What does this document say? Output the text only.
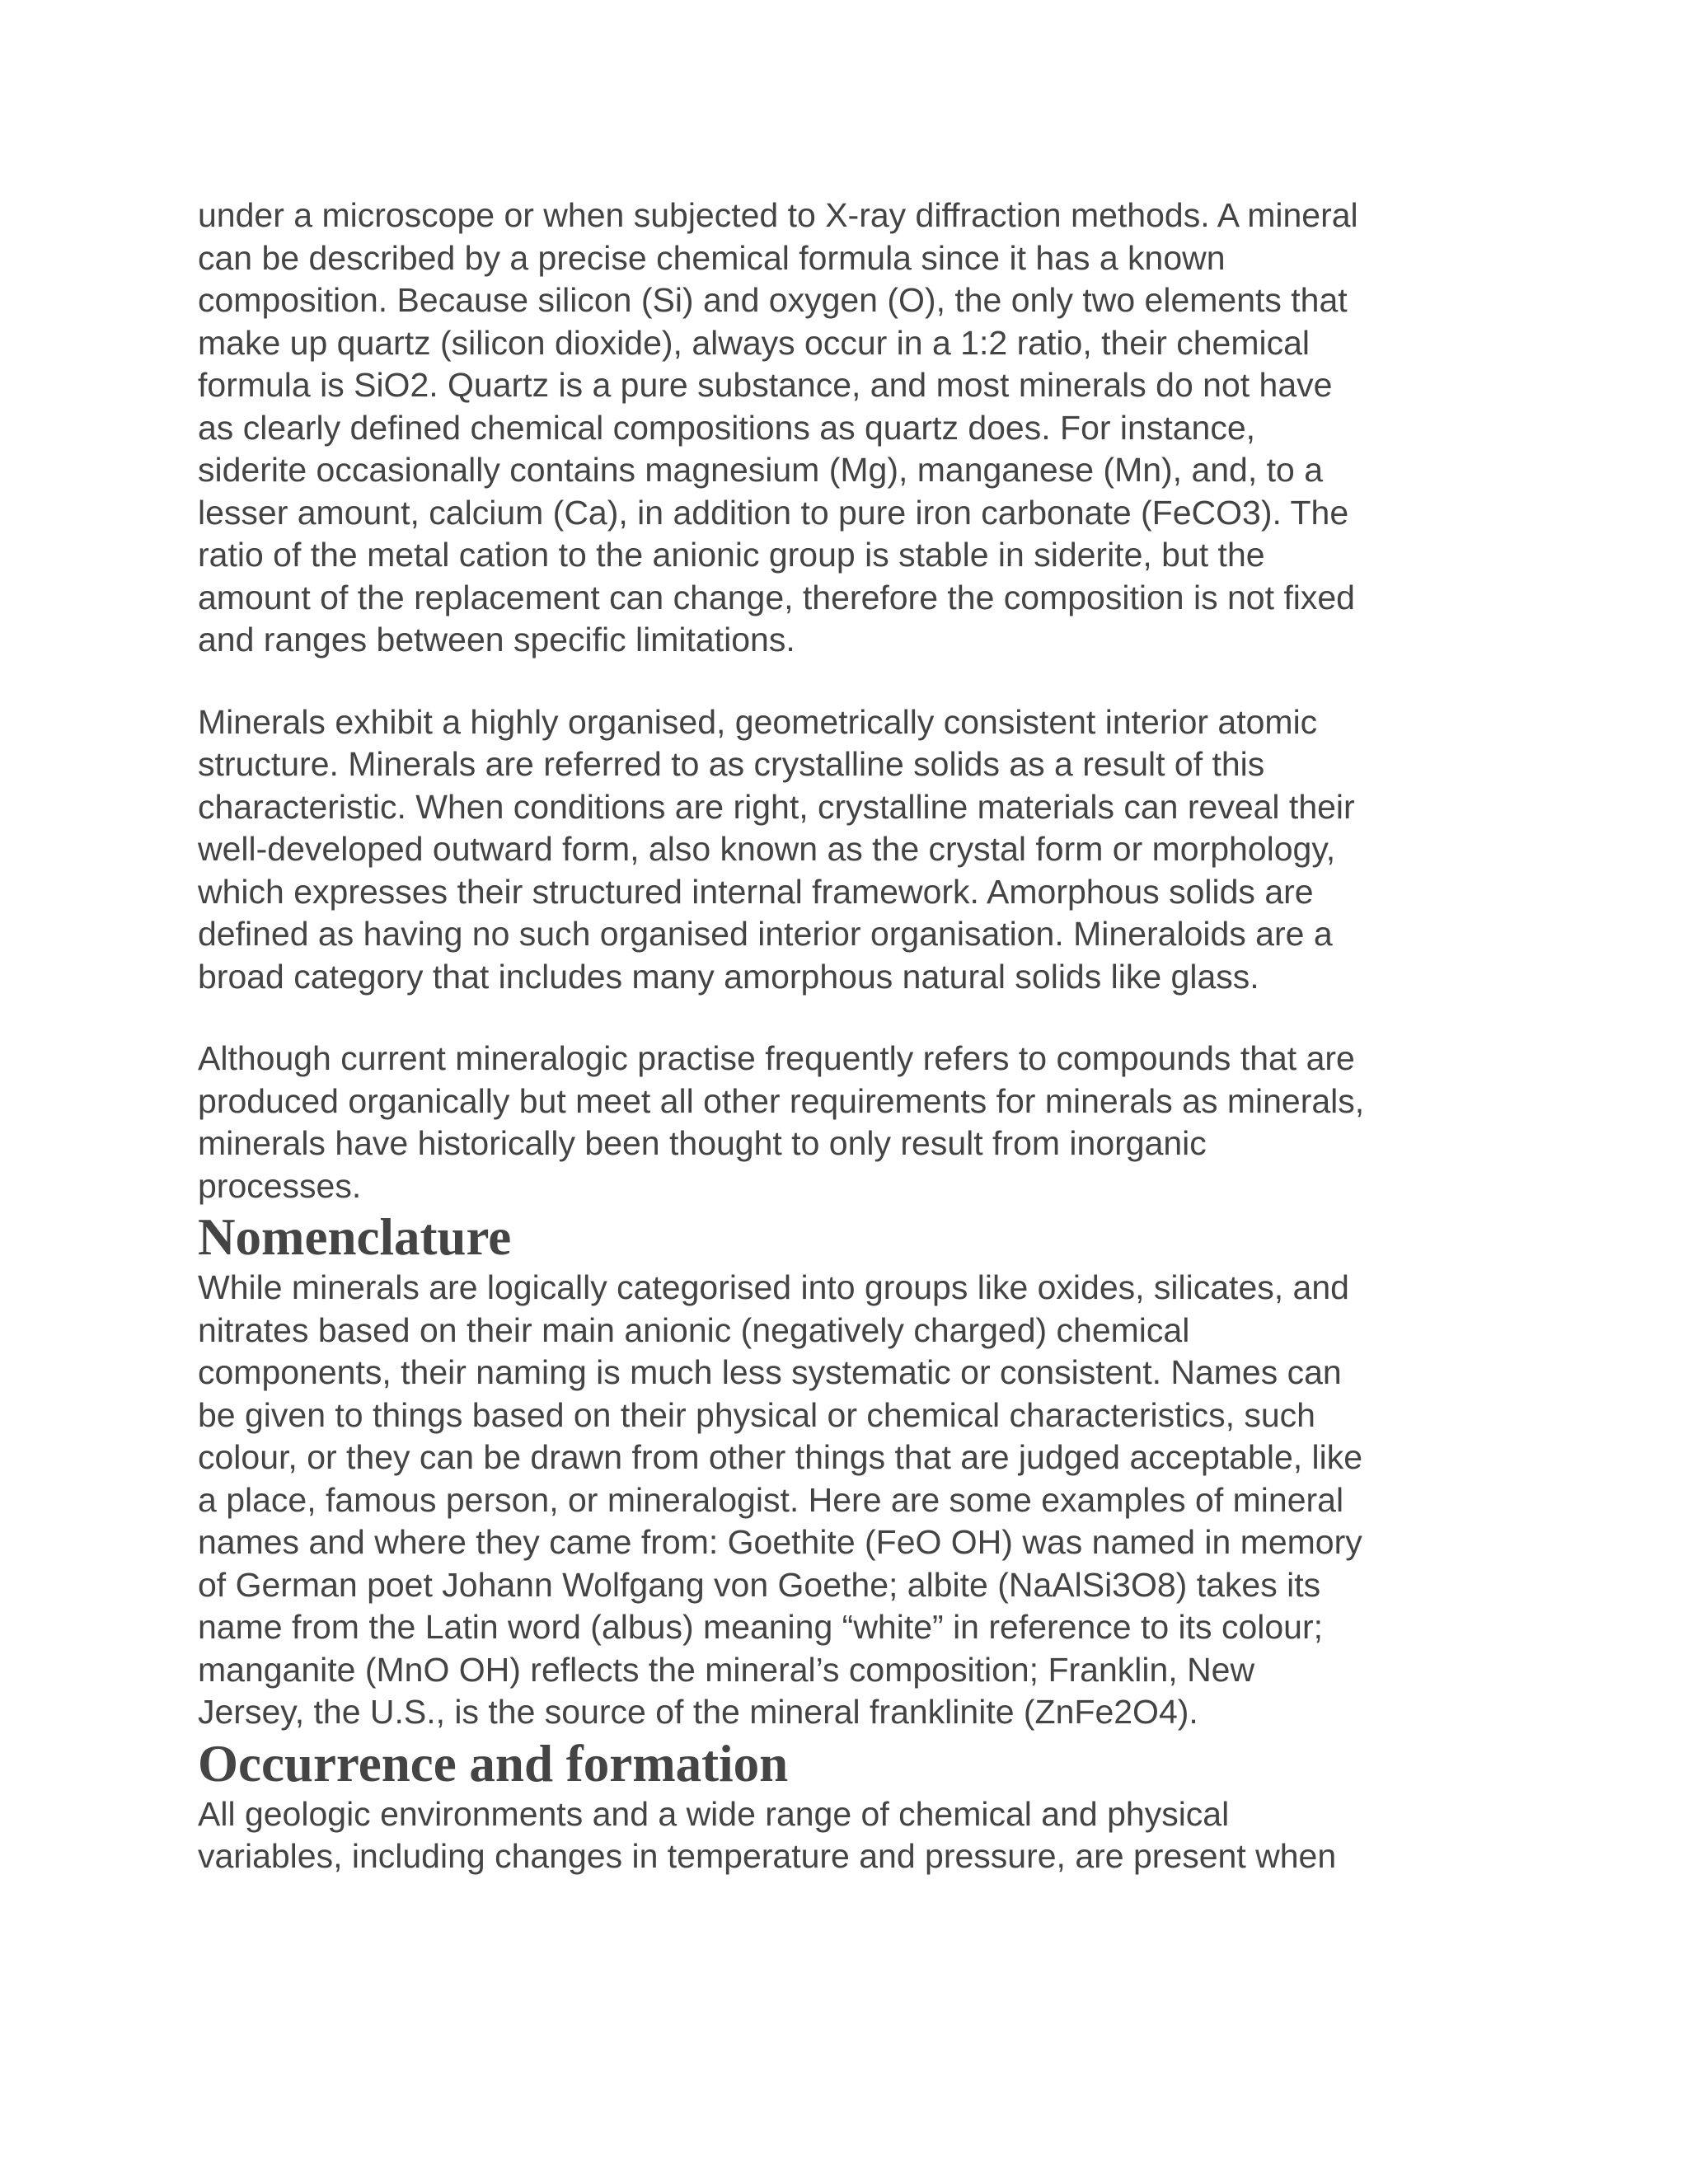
under a microscope or when subjected to X-ray diffraction methods. A mineral
can be described by a precise chemical formula since it has a known
composition. Because silicon (Si) and oxygen (O), the only two elements that
make up quartz (silicon dioxide), always occur in a 1:2 ratio, their chemical
formula is SiO2. Quartz is a pure substance, and most minerals do not have
as clearly defined chemical compositions as quartz does. For instance,
siderite occasionally contains magnesium (Mg), manganese (Mn), and, to a
lesser amount, calcium (Ca), in addition to pure iron carbonate (FeCO3). The
ratio of the metal cation to the anionic group is stable in siderite, but the
amount of the replacement can change, therefore the composition is not fixed
and ranges between specific limitations.

Minerals exhibit a highly organised, geometrically consistent interior atomic
structure. Minerals are referred to as crystalline solids as a result of this
characteristic. When conditions are right, crystalline materials can reveal their
well-developed outward form, also known as the crystal form or morphology,
which expresses their structured internal framework. Amorphous solids are
defined as having no such organised interior organisation. Mineraloids are a
broad category that includes many amorphous natural solids like glass.

Although current mineralogic practise frequently refers to compounds that are
produced organically but meet all other requirements for minerals as minerals,
minerals have historically been thought to only result from inorganic
processes.

Nomenclature

While minerals are logically categorised into groups like oxides, silicates, and
nitrates based on their main anionic (negatively charged) chemical
components, their naming is much less systematic or consistent. Names can
be given to things based on their physical or chemical characteristics, such
colour, or they can be drawn from other things that are judged acceptable, like
a place, famous person, or mineralogist. Here are some examples of mineral
names and where they came from: Goethite (FeO OH) was named in memory
of German poet Johann Wolfgang von Goethe; albite (NaAlSi3O8) takes its
name from the Latin word (albus) meaning “white” in reference to its colour;
manganite (MnO OH) reflects the mineral’s composition; Franklin, New
Jersey, the U.S., is the source of the mineral franklinite (ZnFe2O4).

Occurrence and formation

All geologic environments and a wide range of chemical and physical
variables, including changes in temperature and pressure, are present when
